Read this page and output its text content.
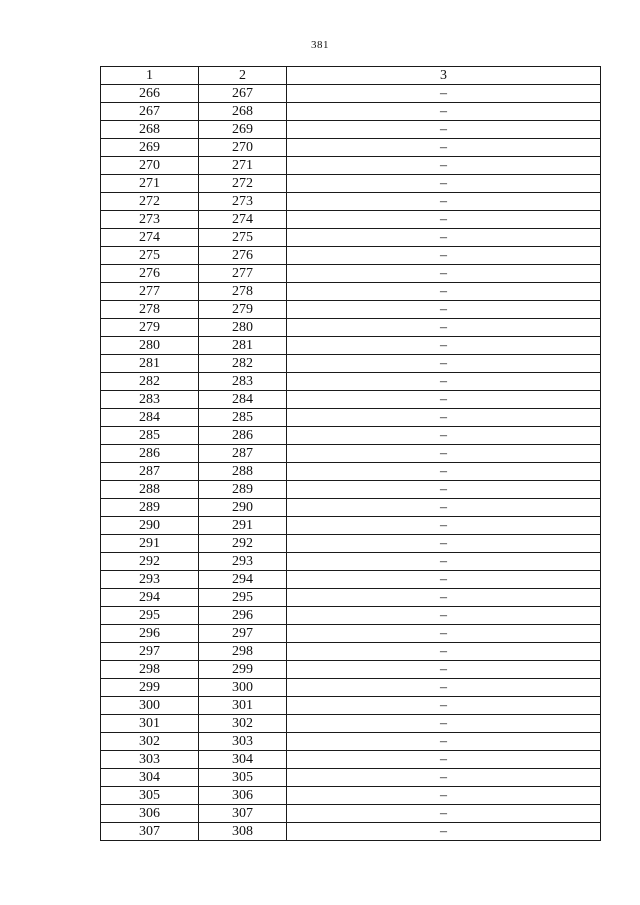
381
1	2	3
266	267	–
267	268	–
268	269	–
269	270	–
270	271	–
271	272	–
272	273	–
273	274	–
274	275	–
275	276	–
276	277	–
277	278	–
278	279	–
279	280	–
280	281	–
281	282	–
282	283	–
283	284	–
284	285	–
285	286	–
286	287	–
287	288	–
288	289	–
289	290	–
290	291	–
291	292	–
292	293	–
293	294	–
294	295	–
295	296	–
296	297	–
297	298	–
298	299	–
299	300	–
300	301	–
301	302	–
302	303	–
303	304	–
304	305	–
305	306	–
306	307	–
307	308	–
